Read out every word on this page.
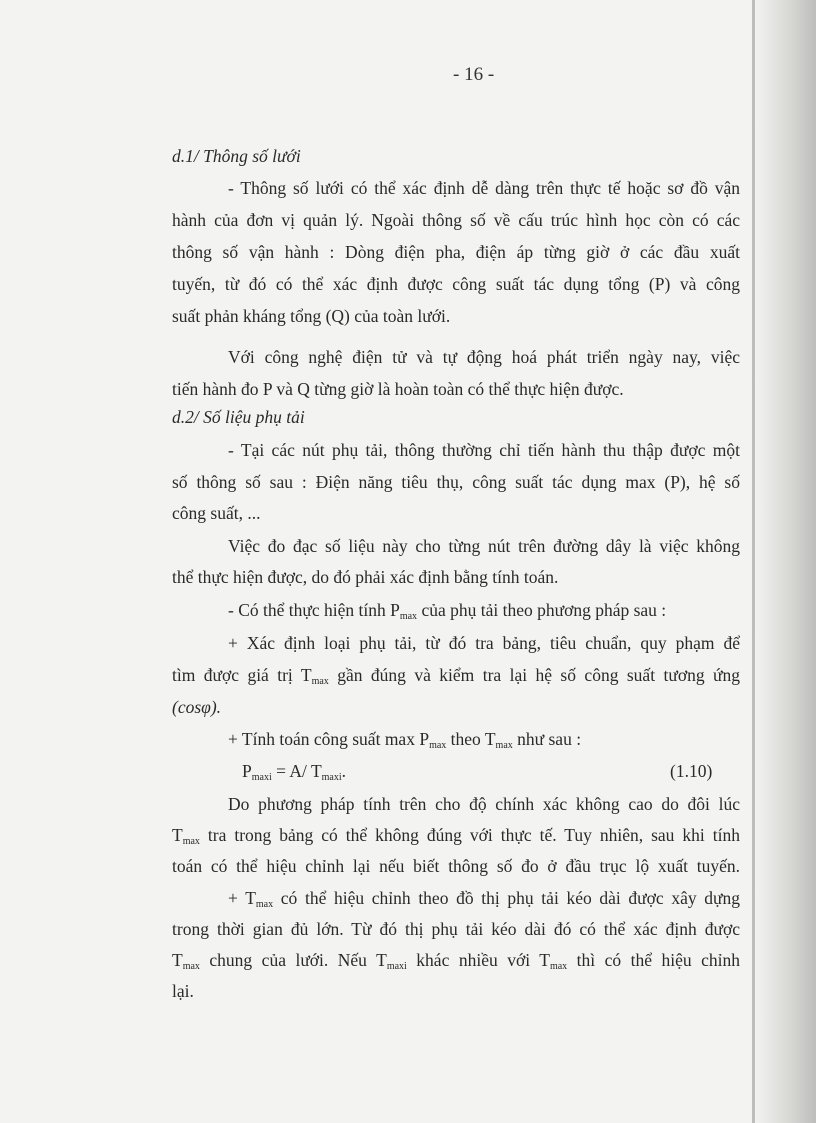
- 16 -
d.1/ Thông số lưới
- Thông số lưới có thể xác định dễ dàng trên thực tế hoặc sơ đồ vận
hành của đơn vị quản lý. Ngoài thông số về cấu trúc hình học còn có các
thông số vận hành : Dòng điện pha, điện áp từng giờ ở các đầu xuất
tuyến, từ đó có thể xác định được công suất tác dụng tổng (P) và công
suất phản kháng tổng (Q) của toàn lưới.
Với công nghệ điện tử và tự động hoá phát triển ngày nay, việc
tiến hành đo P và Q từng giờ là hoàn toàn có thể thực hiện được.
d.2/ Số liệu phụ tải
- Tại các nút phụ tải, thông thường chỉ tiến hành thu thập được một
số thông số sau : Điện năng tiêu thụ, công suất tác dụng max (P), hệ số
công suất, ...
Việc đo đạc số liệu này cho từng nút trên đường dây là việc không
thể thực hiện được, do đó phải xác định bằng tính toán.
- Có thể thực hiện tính $P_{max}$ của phụ tải theo phương pháp sau :
+ Xác định loại phụ tải, từ đó tra bảng, tiêu chuẩn, quy phạm để
tìm được giá trị $T_{max}$ gần đúng và kiểm tra lại hệ số công suất tương ứng
(cosφ).
+ Tính toán công suất $\max P_{max}$ theo $T_{max}$ như sau :
$P_{maxi} = A/$ $T_{maxi}$.	(1.10)
Do phương pháp tính trên cho độ chính xác không cao do đôi lúc
$T_{max}$ tra trong bảng có thể không đúng với thực tế. Tuy nhiên, sau khi tính
toán có thể hiệu chỉnh lại nếu biết thông số đo ở đầu trục lộ xuất tuyến.
+ $T_{max}$ có thể hiệu chỉnh theo đồ thị phụ tải kéo dài được xây dựng
trong thời gian đủ lớn. Từ đó thị phụ tải kéo dài đó có thể xác định được
$T_{max}$ chung của lưới. Nếu $T_{maxi}$ khác nhiều với $T_{max}$ thì có thể hiệu chỉnh
lại.
